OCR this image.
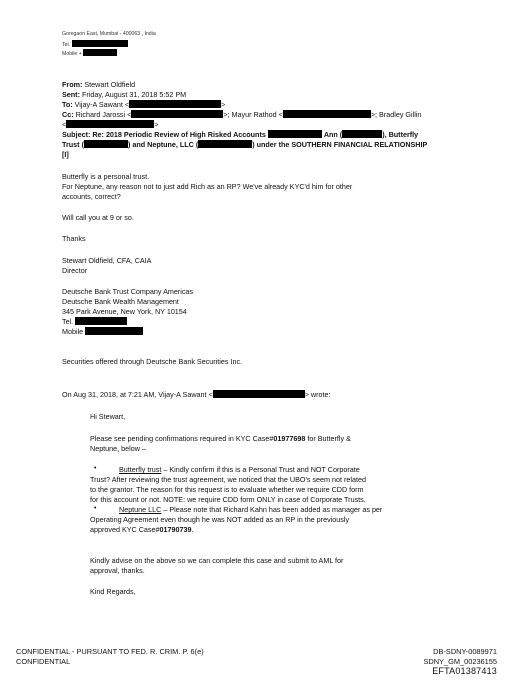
Goregaon East, Mumbai - 400063 , India
Tel.
Mobile +
From: Stewart Oldfield
Sent: Friday, August 31, 2018 5:52 PM
To: Vijay-A Sawant <	>
Cc: Richard Jarossi <	>; Mayur Rathod <	>; Bradley Gillin
<	>
Subject: Re: 2018 Periodic Review of High Risked Accounts	Ann (	), Butterfly
Trust (	) and Neptune, LLC (	) under the SOUTHERN FINANCIAL RELATIONSHIP
[I]
Butterfly is a personal trust.
For Neptune, any reason not to just add Rich as an RP? We've already KYC'd him for other
accounts, correct?
Will call you at 9 or so.
Thanks
Stewart Oldfield, CFA, CAIA
Director
Deutsche Bank Trust Company Americas
Deutsche Bank Wealth Management
345 Park Avenue, New York, NY 10154
Tel.
Mobile
Securities offered through Deutsche Bank Securities Inc.
On Aug 31, 2018, at 7:21 AM, Vijay-A Sawant <	> wrote:
Hi Stewart,
Please see pending confirmations required in KYC Case#01977698 for Butterfly &
Neptune, below –
•	Butterfly trust – Kindly confirm if this is a Personal Trust and NOT Corporate
Trust? After reviewing the trust agreement, we noticed that the UBO's seem not related
to the grantor. The reason for this request is to evaluate whether we require CDD form
for this account or not. NOTE: we require CDD form ONLY in case of Corporate Trusts.
•	Neptune LLC – Please note that Richard Kahn has been added as manager as per
Operating Agreement even though he was NOT added as an RP in the previously
approved KYC Case#01790739.
Kindly advise on the above so we can complete this case and submit to AML for
approval, thanks.
Kind Regards,
CONFIDENTIAL - PURSUANT TO FED. R. CRIM. P. 6(e)
CONFIDENTIAL
DB-SDNY-0089971
SDNY_GM_00236155
EFTA01387413
